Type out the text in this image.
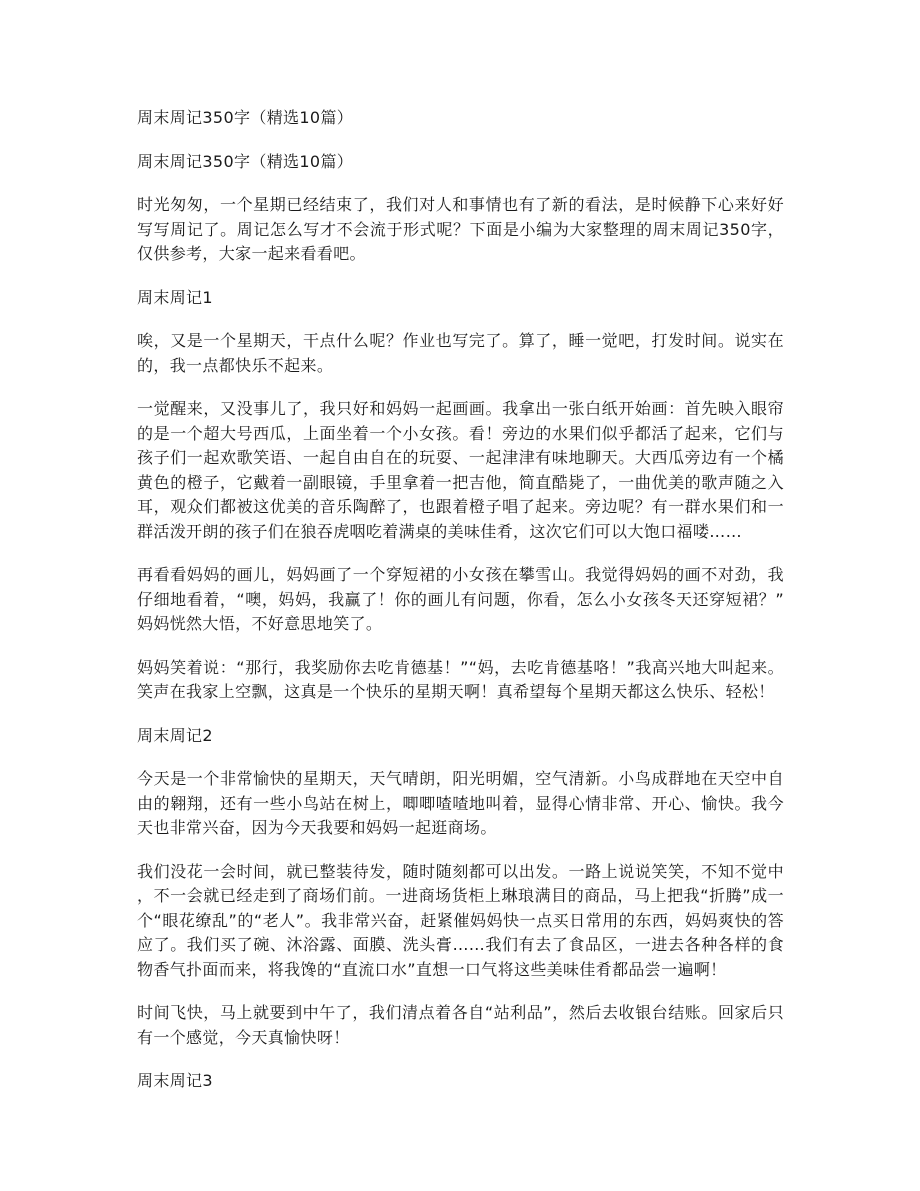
周末周记350字（精选10篇）

周末周记350字（精选10篇）

时光匆匆，一个星期已经结束了，我们对人和事情也有了新的看法，是时候静下心来好好写写周记了。周记怎么写才不会流于形式呢？下面是小编为大家整理的周末周记350字，仅供参考，大家一起来看看吧。

周末周记1

唉，又是一个星期天，干点什么呢？作业也写完了。算了，睡一觉吧，打发时间。说实在的，我一点都快乐不起来。

一觉醒来，又没事儿了，我只好和妈妈一起画画。我拿出一张白纸开始画：首先映入眼帘的是一个超大号西瓜，上面坐着一个小女孩。看！旁边的水果们似乎都活了起来，它们与孩子们一起欢歌笑语、一起自由自在的玩耍、一起津津有味地聊天。大西瓜旁边有一个橘黄色的橙子，它戴着一副眼镜，手里拿着一把吉他，简直酷毙了，一曲优美的歌声随之入耳，观众们都被这优美的音乐陶醉了，也跟着橙子唱了起来。旁边呢？有一群水果们和一群活泼开朗的孩子们在狼吞虎咽吃着满桌的美味佳肴，这次它们可以大饱口福喽……

再看看妈妈的画儿，妈妈画了一个穿短裙的小女孩在攀雪山。我觉得妈妈的画不对劲，我仔细地看着，“噢，妈妈，我赢了！你的画儿有问题，你看，怎么小女孩冬天还穿短裙？”妈妈恍然大悟，不好意思地笑了。

妈妈笑着说：“那行，我奖励你去吃肯德基！”“妈，去吃肯德基咯！”我高兴地大叫起来。笑声在我家上空飘，这真是一个快乐的星期天啊！真希望每个星期天都这么快乐、轻松！

周末周记2

今天是一个非常愉快的星期天，天气晴朗，阳光明媚，空气清新。小鸟成群地在天空中自由的翱翔，还有一些小鸟站在树上，唧唧喳喳地叫着，显得心情非常、开心、愉快。我今天也非常兴奋，因为今天我要和妈妈一起逛商场。

我们没花一会时间，就已整装待发，随时随刻都可以出发。一路上说说笑笑，不知不觉中，不一会就已经走到了商场们前。一进商场货柜上琳琅满目的商品，马上把我“折腾”成一个“眼花缭乱”的“老人”。我非常兴奋，赶紧催妈妈快一点买日常用的东西，妈妈爽快的答应了。我们买了碗、沐浴露、面膜、洗头膏……我们有去了食品区，一进去各种各样的食物香气扑面而来，将我馋的“直流口水”直想一口气将这些美味佳肴都品尝一遍啊！

时间飞快，马上就要到中午了，我们清点着各自“站利品”，然后去收银台结账。回家后只有一个感觉，今天真愉快呀！

周末周记3
